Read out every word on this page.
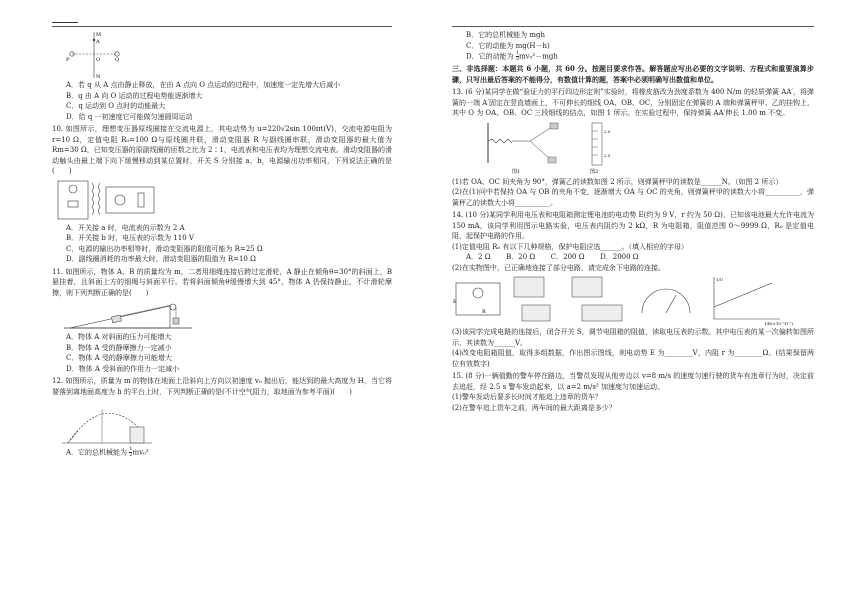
M
N
P	O	Q
A

A．若 q 从 A 点由静止释放，在由 A 点向 O 点运动的过程中，加速度一定先增大后减小

B．q 由 A 向 O 运动的过程电势能逐渐增大

C．q 运动到 O 点时的动能最大

D．给 q 一初速度它可能做匀速圆周运动

10. 如图所示，理想变压器原线圈接在交流电源上，其电动势为 u=220√2sin 100πt(V)，交流电源电阻为 r=10 Ω，定值电阻 R₀=100 Ω与原线圈并联，滑动变阻器 R 与副线圈串联，滑动变阻器的最大值为 Rm=30 Ω，已知变压器的原副线圈的匝数之比为 2∶1，电流表和电压表均为理想交流电表。滑动变阻器的滑动触头由最上端下向下缓慢移动到某位置时，开关 S 分别接 a、b，电源输出功率相同，下列说法正确的是(　　)

A．开关接 a 时，电流表的示数为 2 A

B．开关接 b 时，电压表的示数为 110 V

C．电源的输出功率相等时，滑动变阻器的阻值可能为 R=25 Ω

D．副线圈消耗的功率最大时，滑动变阻器的阻值为 R=10 Ω

11. 如图所示，物体 A、B 的质量均为 m，二者用细绳连接后跨过定滑轮，A 静止在倾角θ=30°的斜面上，B 悬挂着，且斜面上方的细绳与斜面平行。若将斜面倾角θ缓慢增大到 45°，物体 A 仍保持静止，不计滑轮摩擦，则下列判断正确的是(　　)

A．物体 A 对斜面的压力可能增大

B．物体 A 受的静摩擦力一定减小

C．物体 A 受的静摩擦力可能增大

D．物体 A 受斜面的作用力一定减小

12. 如图所示，质量为 m 的物体在地面上沿斜向上方向以初速度 v₀ 抛出后，能达到的最大高度为 H，当它将要落到离地面高度为 h 的平台上时，下列判断正确的是(不计空气阻力，取地面为参考平面)(　　)

A．它的总机械能为 $\frac{1}{2} mv_0^2$

B．它的总机械能为 mgh

C．它的动能为 mg(H－h)

D．它的动能为 $\frac{1}{2} mv_0^2-mgh$

三、非选择题：本题共 6 小题，共 60 分。按题目要求作答。解答题应写出必要的文字说明、方程式和重要演算步骤，只写出最后答案的不能得分，有数值计算的题，答案中必须明确写出数值和单位。

13. (6 分)某同学在做“验证力的平行四边形定则”实验时，将橡皮筋改为劲度系数为 400 N/m 的轻质弹簧 AA′，将弹簧的一端 A′固定在竖直墙面上，不可伸长的细线 OA、OB、OC，分别固定在弹簧的 A 端和弹簧秤甲、乙的挂钩上，其中 O 为 OA、OB、OC 三段细线的结点，如图 1 所示。在实验过程中，保持弹簧 AA′伸长 1.00 m 不变。

图1
2.0
2.5
图2

(1)若 OA、OC 间夹角为 90°，弹簧乙的读数如图 2 所示，则弹簧秤甲的读数是______N。（如图 2 所示）

(2)在(1)问中若保持 OA 与 OB 的夹角不变，逐渐增大 OA 与 OC 的夹角，则弹簧秤甲的读数大小将__________，弹簧秤乙的读数大小将__________。

14. (10 分)某同学利用电压表和电阻箱测定锂电池的电动势 E(约为 9 V，r 约为 50 Ω)，已知该电池最大允许电流为 150 mA，该同学利用图示电路实验，电压表内阻约为 2 kΩ，R 为电阻箱，阻值范围 0～9999 Ω，R₀ 是定值电阻，起保护电路的作用。

(1)定值电阻 R₀ 有以下几种规格，保护电阻应选______。（填入相应的字母）

A．2 Ω B．20 Ω C．200 Ω D．2000 Ω

(2)在实物图中，已正确地连接了部分电路，请完成余下电路的连接。

E
R
1/U
1/R(×10⁻²Ω⁻¹)

(3)该同学完成电路的连接后，闭合开关 S，调节电阻箱的阻值，读取电压表的示数。其中电压表的某一次偏转如图所示，其读数为______V。

(4)改变电阻箱阻值，取得多组数据，作出图示图线，则电动势 E 为________V，内阻 r 为________Ω。(结果保留两位有效数字)

15. (8 分)一辆值勤的警车停在路边，当警员发现从他旁边以 v=8 m/s 的速度匀速行驶的货车有违章行为时，决定前去追赶，经 2.5 s 警车发动起来，以 a=2 m/s² 加速度匀加速运动。

(1)警车发动后要多长时间才能追上违章的货车？

(2)在警车追上货车之前，两车间的最大距离是多少？
